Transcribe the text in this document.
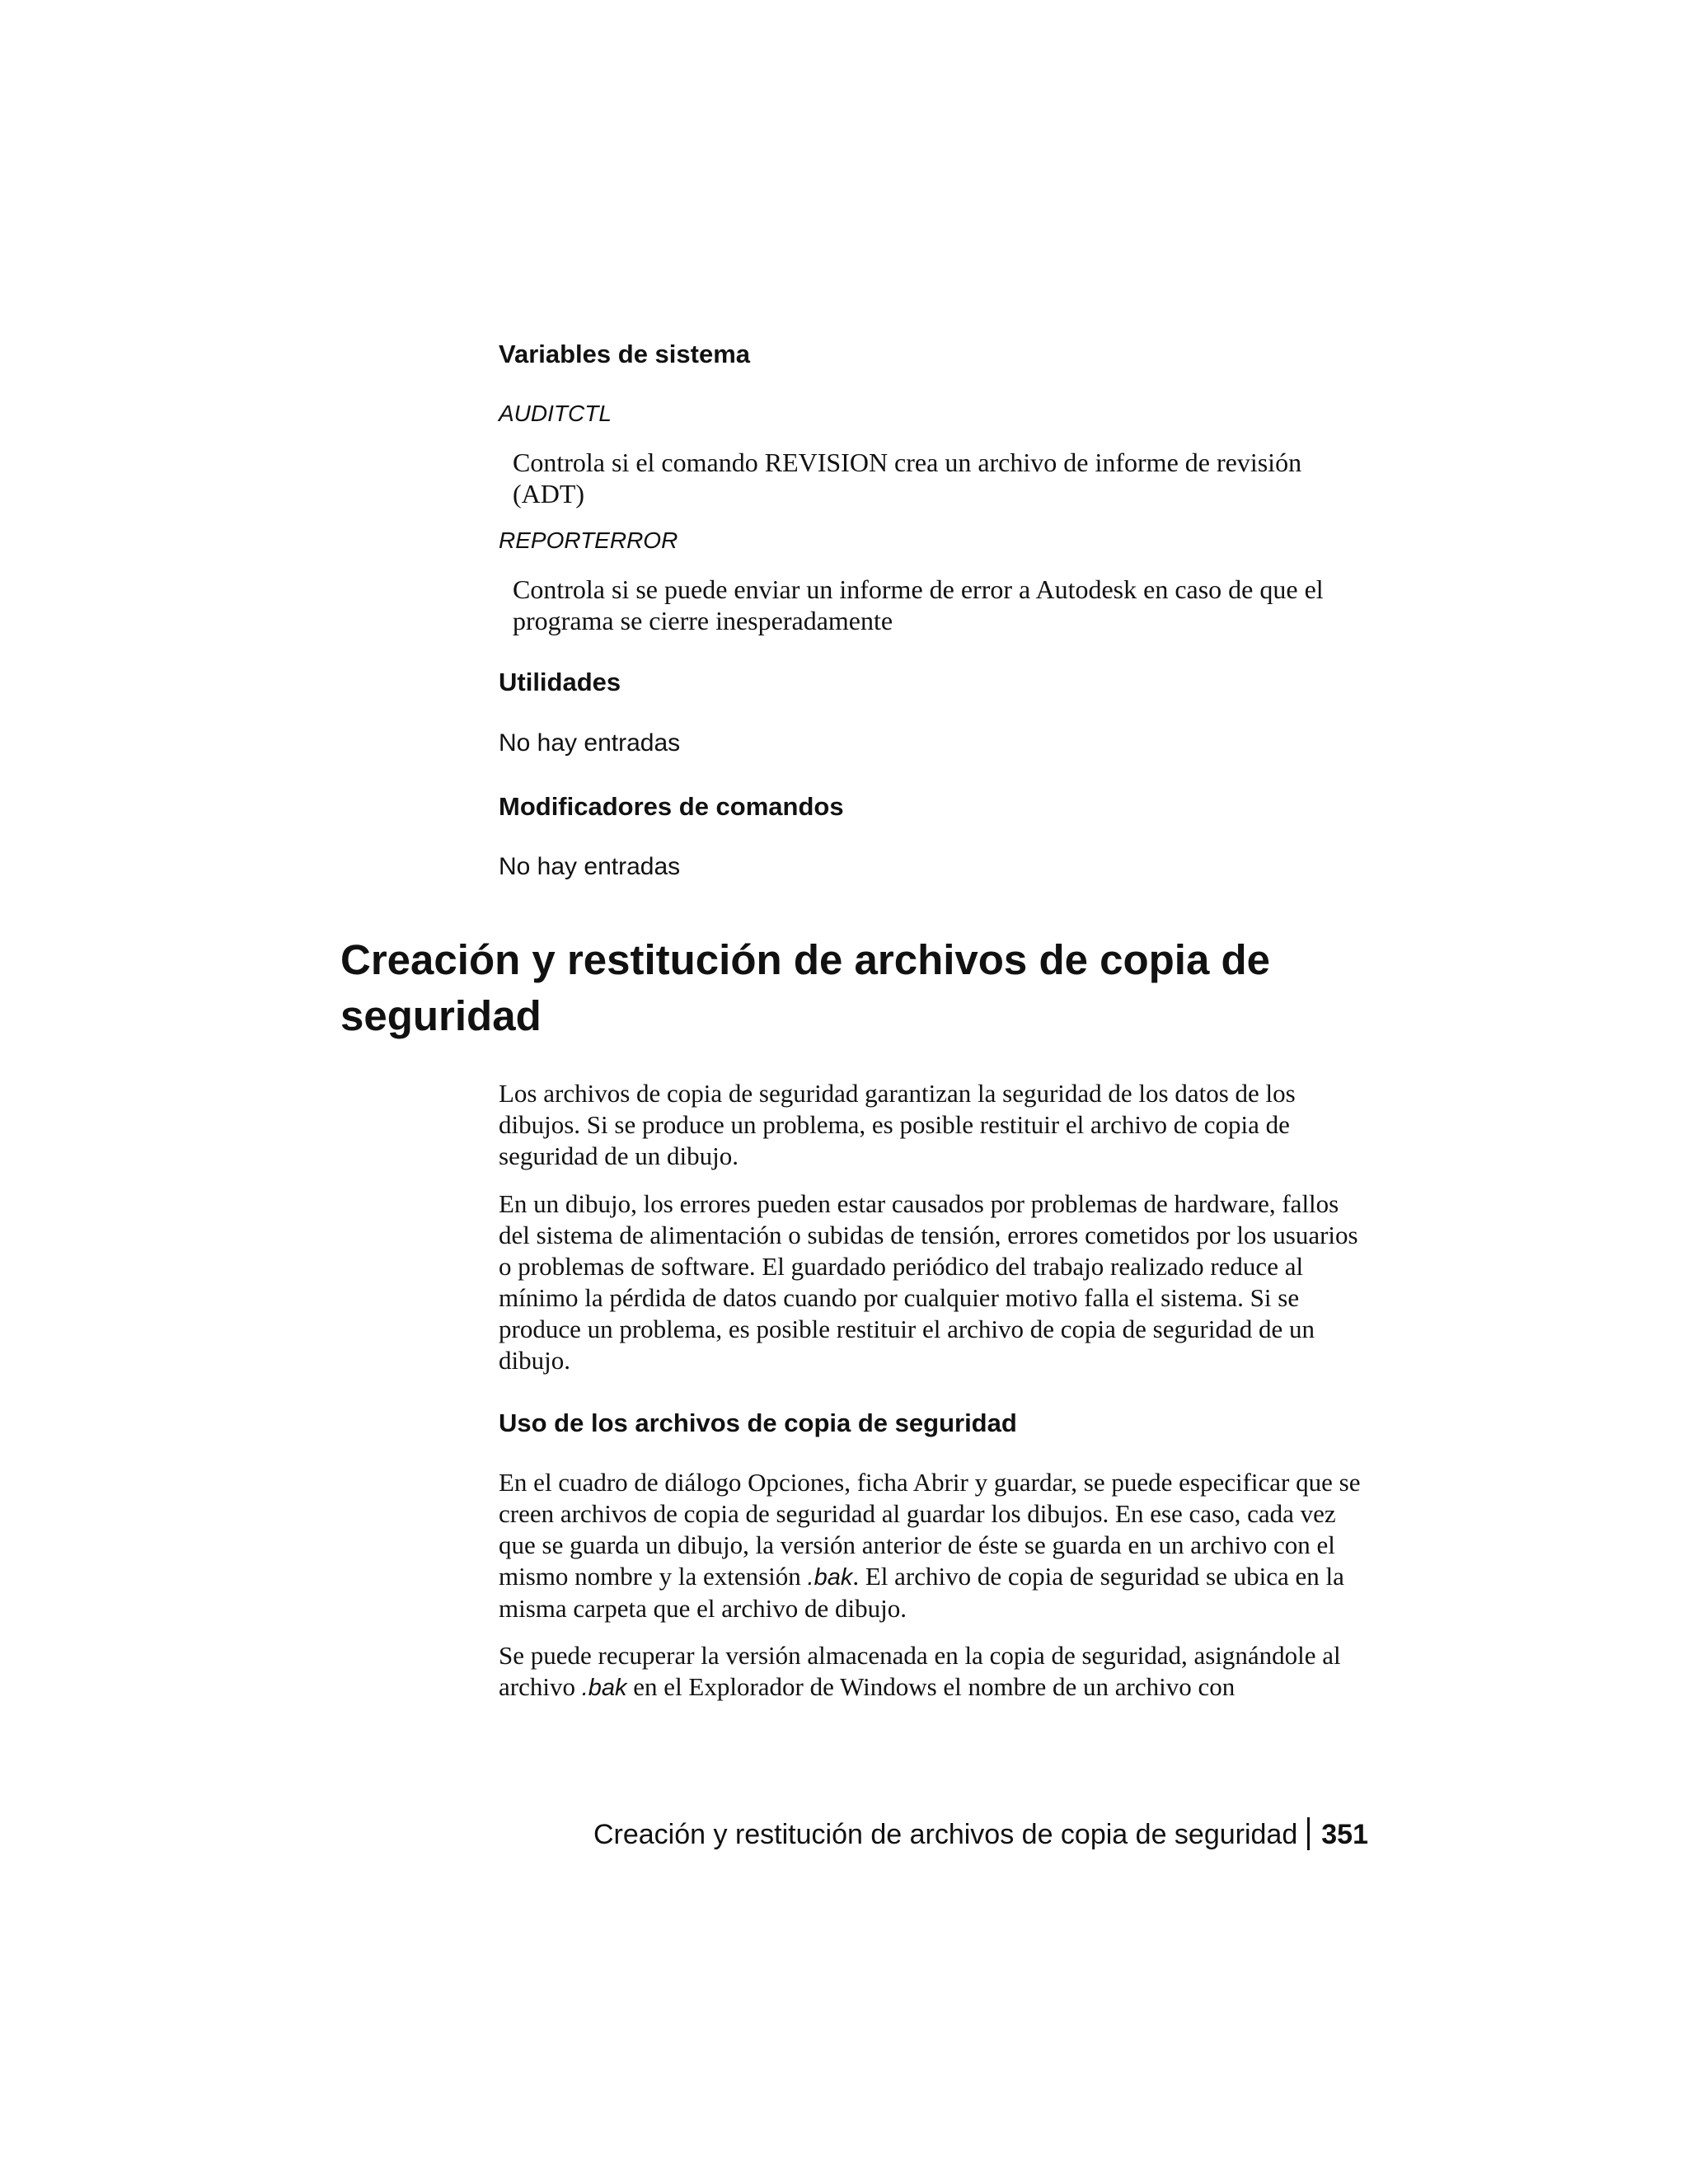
Variables de sistema
AUDITCTL
Controla si el comando REVISION crea un archivo de informe de revisión (ADT)
REPORTERROR
Controla si se puede enviar un informe de error a Autodesk en caso de que el programa se cierre inesperadamente
Utilidades
No hay entradas
Modificadores de comandos
No hay entradas
Creación y restitución de archivos de copia de seguridad
Los archivos de copia de seguridad garantizan la seguridad de los datos de los dibujos. Si se produce un problema, es posible restituir el archivo de copia de seguridad de un dibujo.
En un dibujo, los errores pueden estar causados por problemas de hardware, fallos del sistema de alimentación o subidas de tensión, errores cometidos por los usuarios o problemas de software. El guardado periódico del trabajo realizado reduce al mínimo la pérdida de datos cuando por cualquier motivo falla el sistema. Si se produce un problema, es posible restituir el archivo de copia de seguridad de un dibujo.
Uso de los archivos de copia de seguridad
En el cuadro de diálogo Opciones, ficha Abrir y guardar, se puede especificar que se creen archivos de copia de seguridad al guardar los dibujos. En ese caso, cada vez que se guarda un dibujo, la versión anterior de éste se guarda en un archivo con el mismo nombre y la extensión .bak. El archivo de copia de seguridad se ubica en la misma carpeta que el archivo de dibujo.
Se puede recuperar la versión almacenada en la copia de seguridad, asignándole al archivo .bak en el Explorador de Windows el nombre de un archivo con
Creación y restitución de archivos de copia de seguridad 351
